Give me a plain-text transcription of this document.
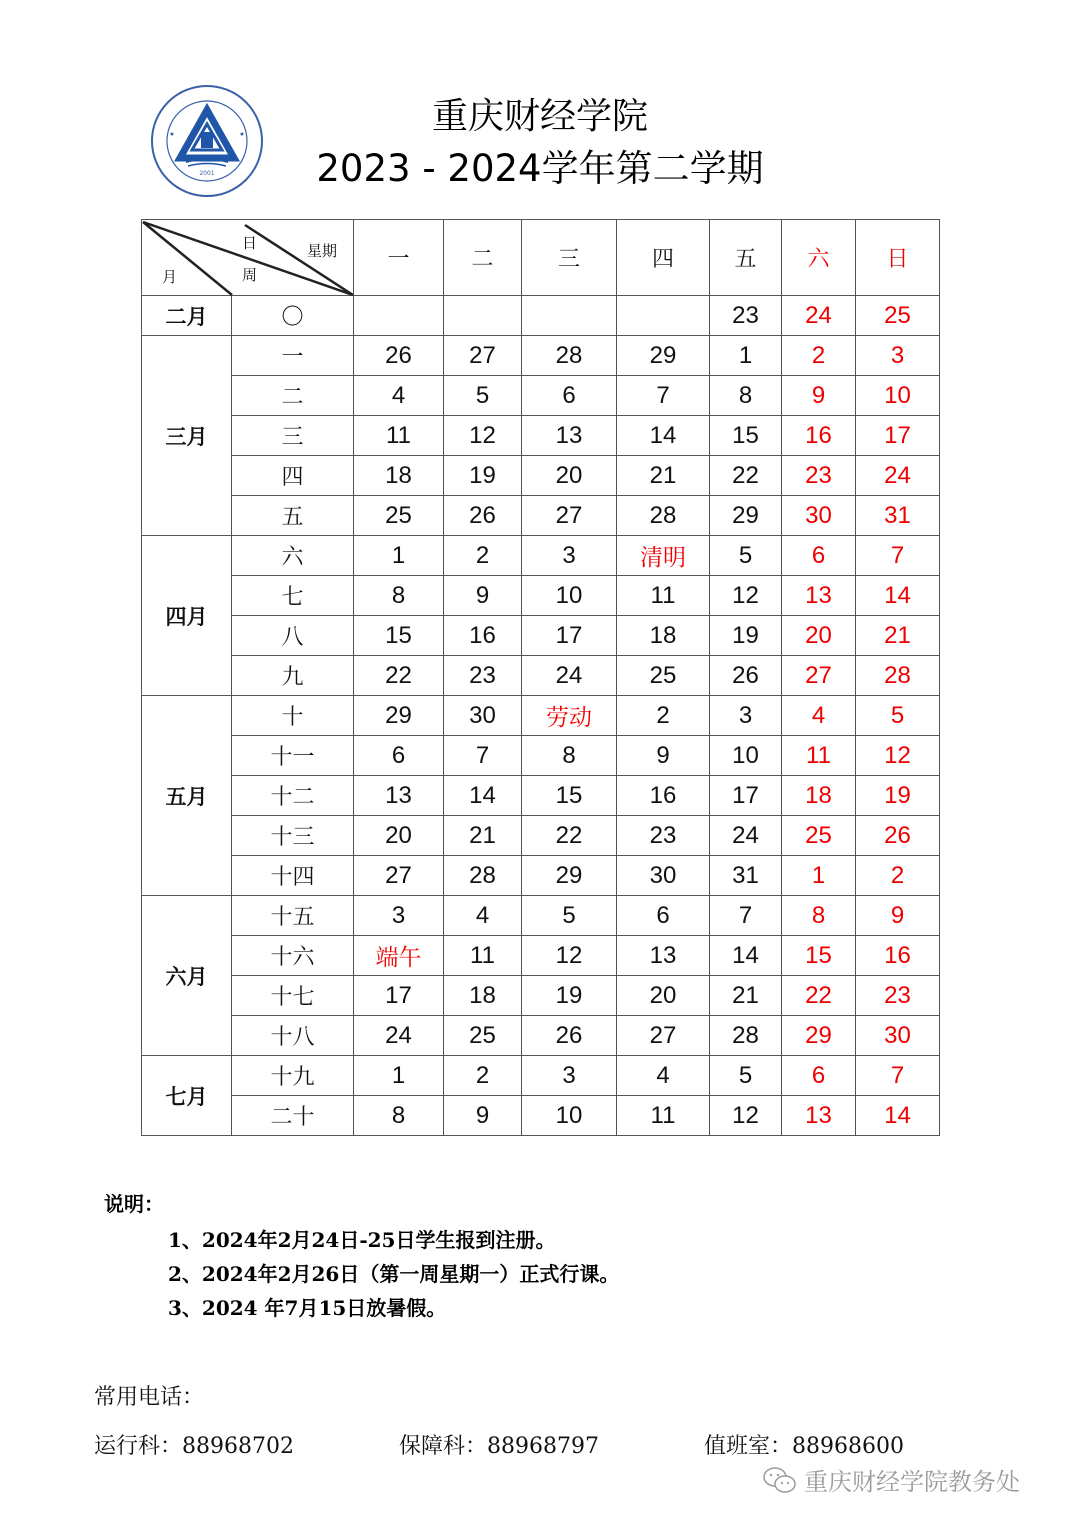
2001
重庆财经学院
2023 - 2024学年第二学期
月 周
日 星期		一	二	三	四	五	六	日
二月	〇					23	24	25
三月	一	26	27	28	29	1	2	3
	二	4	5	6	7	8	9	10
	三	11	12	13	14	15	16	17
	四	18	19	20	21	22	23	24
	五	25	26	27	28	29	30	31
四月	六	1	2	3	清明	5	6	7
	七	8	9	10	11	12	13	14
	八	15	16	17	18	19	20	21
	九	22	23	24	25	26	27	28
五月	十	29	30	劳动	2	3	4	5
	十一	6	7	8	9	10	11	12
	十二	13	14	15	16	17	18	19
	十三	20	21	22	23	24	25	26
	十四	27	28	29	30	31	1	2
六月	十五	3	4	5	6	7	8	9
	十六	端午	11	12	13	14	15	16
	十七	17	18	19	20	21	22	23
	十八	24	25	26	27	28	29	30
七月	十九	1	2	3	4	5	6	7
	二十	8	9	10	11	12	13	14
说明：
1、2024年2月24日-25日学生报到注册。
2、2024年2月26日（第一周星期一）正式行课。
3、2024 年7月15日放暑假。
常用电话：
运行科：88968702	保障科：88968797	值班室：88968600
重庆财经学院教务处
